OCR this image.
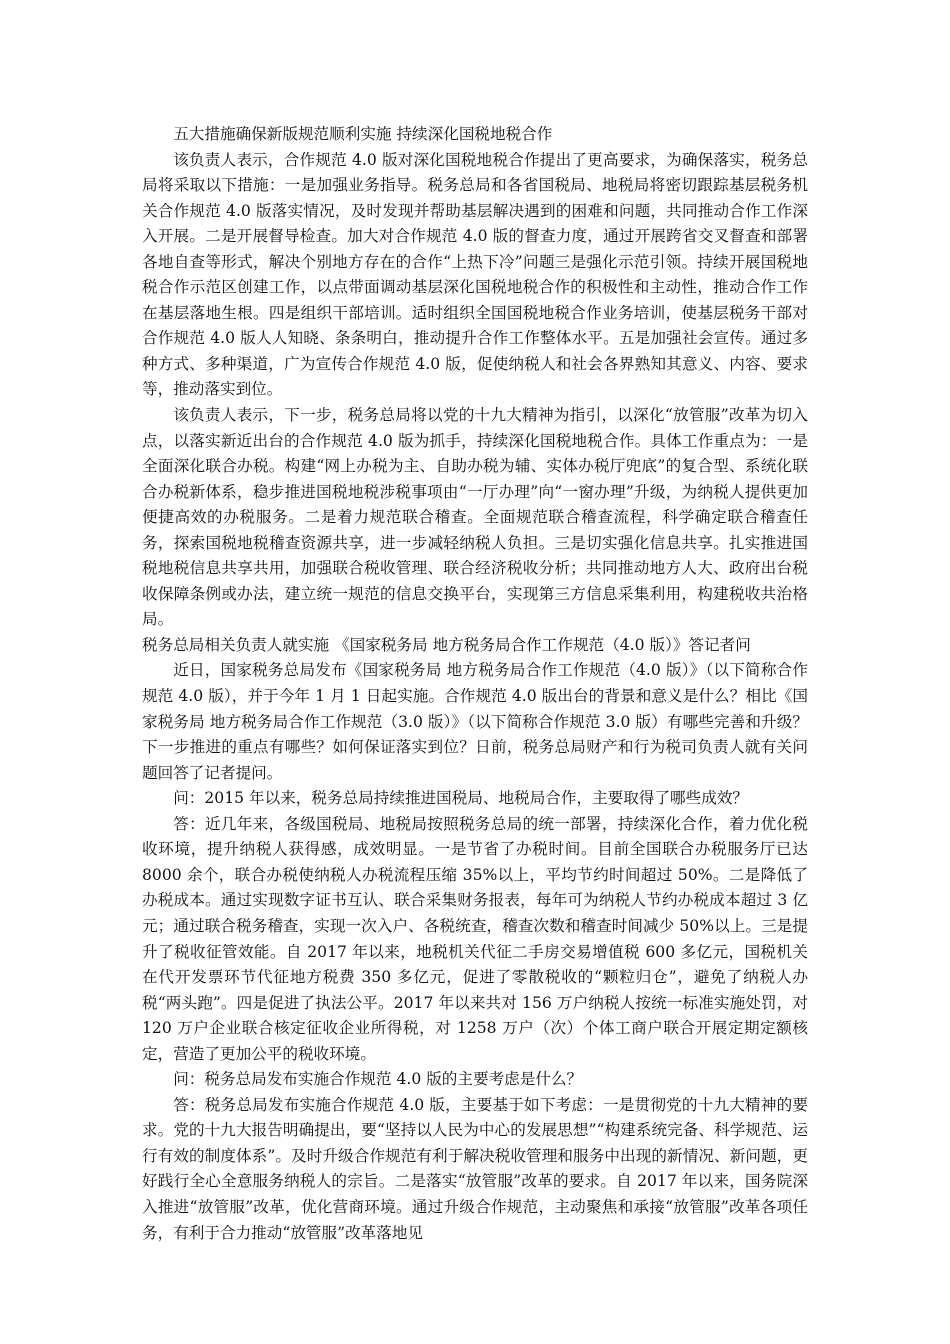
五大措施确保新版规范顺利实施 持续深化国税地税合作

该负责人表示，合作规范 4.0 版对深化国税地税合作提出了更高要求，为确保落实，税务总局将采取以下措施：一是加强业务指导。税务总局和各省国税局、地税局将密切跟踪基层税务机关合作规范 4.0 版落实情况，及时发现并帮助基层解决遇到的困难和问题，共同推动合作工作深入开展。二是开展督导检查。加大对合作规范 4.0 版的督查力度，通过开展跨省交叉督查和部署各地自查等形式，解决个别地方存在的合作“上热下冷”问题三是强化示范引领。持续开展国税地税合作示范区创建工作，以点带面调动基层深化国税地税合作的积极性和主动性，推动合作工作在基层落地生根。四是组织干部培训。适时组织全国国税地税合作业务培训，使基层税务干部对合作规范 4.0 版人人知晓、条条明白，推动提升合作工作整体水平。五是加强社会宣传。通过多种方式、多种渠道，广为宣传合作规范 4.0 版，促使纳税人和社会各界熟知其意义、内容、要求等，推动落实到位。

该负责人表示，下一步，税务总局将以党的十九大精神为指引，以深化“放管服”改革为切入点，以落实新近出台的合作规范 4.0 版为抓手，持续深化国税地税合作。具体工作重点为：一是全面深化联合办税。构建“网上办税为主、自助办税为辅、实体办税厅兜底”的复合型、系统化联合办税新体系，稳步推进国税地税涉税事项由“一厅办理”向“一窗办理”升级，为纳税人提供更加便捷高效的办税服务。二是着力规范联合稽查。全面规范联合稽查流程，科学确定联合稽查任务，探索国税地税稽查资源共享，进一步减轻纳税人负担。三是切实强化信息共享。扎实推进国税地税信息共享共用，加强联合税收管理、联合经济税收分析；共同推动地方人大、政府出台税收保障条例或办法，建立统一规范的信息交换平台，实现第三方信息采集利用，构建税收共治格局。

税务总局相关负责人就实施 《国家税务局 地方税务局合作工作规范（4.0 版）》答记者问

近日，国家税务总局发布《国家税务局 地方税务局合作工作规范（4.0 版）》（以下简称合作规范 4.0 版），并于今年 1 月 1 日起实施。合作规范 4.0 版出台的背景和意义是什么？相比《国家税务局 地方税务局合作工作规范（3.0 版）》（以下简称合作规范 3.0 版）有哪些完善和升级？下一步推进的重点有哪些？如何保证落实到位？日前，税务总局财产和行为税司负责人就有关问题回答了记者提问。

问：2015 年以来，税务总局持续推进国税局、地税局合作，主要取得了哪些成效？

答：近几年来，各级国税局、地税局按照税务总局的统一部署，持续深化合作，着力优化税收环境，提升纳税人获得感，成效明显。一是节省了办税时间。目前全国联合办税服务厅已达 8000 余个，联合办税使纳税人办税流程压缩 35%以上，平均节约时间超过 50%。二是降低了办税成本。通过实现数字证书互认、联合采集财务报表，每年可为纳税人节约办税成本超过 3 亿元；通过联合税务稽查，实现一次入户、各税统查，稽查次数和稽查时间减少 50%以上。三是提升了税收征管效能。自 2017 年以来，地税机关代征二手房交易增值税 600 多亿元，国税机关在代开发票环节代征地方税费 350 多亿元，促进了零散税收的“颗粒归仓”，避免了纳税人办税“两头跑”。四是促进了执法公平。2017 年以来共对 156 万户纳税人按统一标准实施处罚，对 120 万户企业联合核定征收企业所得税，对 1258 万户（次）个体工商户联合开展定期定额核定，营造了更加公平的税收环境。

问：税务总局发布实施合作规范 4.0 版的主要考虑是什么？

答：税务总局发布实施合作规范 4.0 版，主要基于如下考虑：一是贯彻党的十九大精神的要求。党的十九大报告明确提出，要“坚持以人民为中心的发展思想”“构建系统完备、科学规范、运行有效的制度体系”。及时升级合作规范有利于解决税收管理和服务中出现的新情况、新问题，更好践行全心全意服务纳税人的宗旨。二是落实“放管服”改革的要求。自 2017 年以来，国务院深入推进“放管服”改革，优化营商环境。通过升级合作规范，主动聚焦和承接“放管服”改革各项任务，有利于合力推动“放管服”改革落地见
